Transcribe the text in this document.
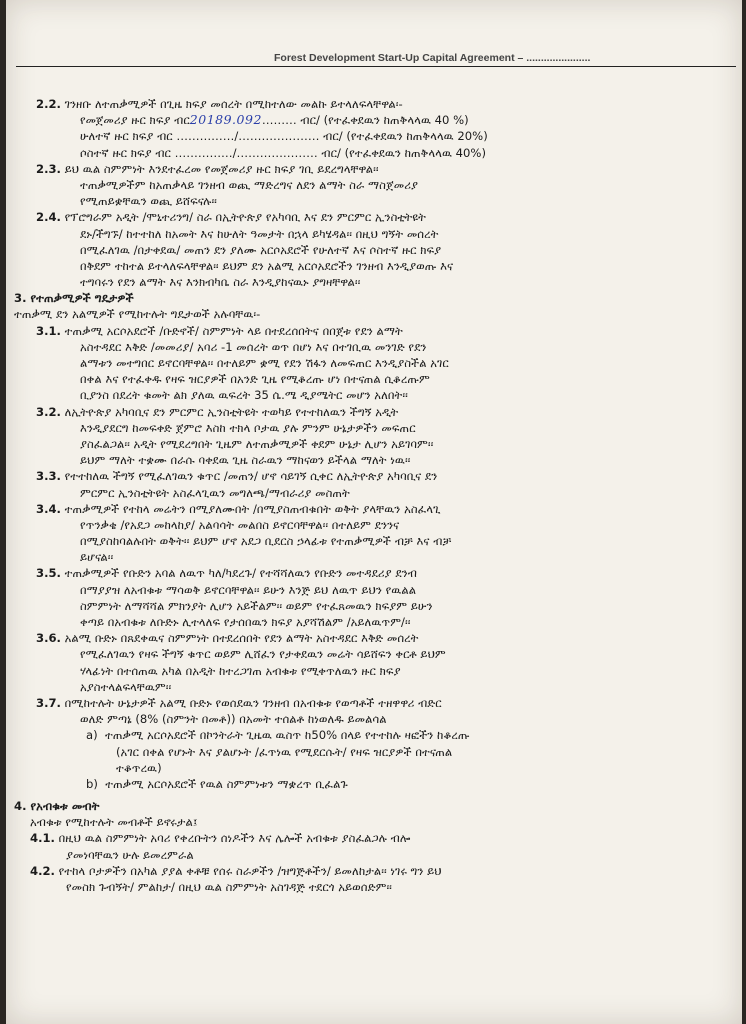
Forest Development Start-Up Capital Agreement – ......................
2.2. ገንዘቡ ለተጠቃሚዎች በጊዜ ክፍያ መሰረት በሚከተለው መልኩ ይተላለፍላቸዋል፡-
የመጀመሪያ ዙር ክፍያ ብር20189.092……… ብር/ (የተፈቀደዉን ከጠቅላላዉ 40 %)
ሁለተኛ ዙር ክፍያ ብር ……………/………………… ብር/ (የተፈቀደዉን ከጠቅላላዉ 20%)
ሶስተኛ ዙር ክፍያ ብር ……………/………………… ብር/ (የተፈቀደዉን ከጠቅላላዉ 40%)
2.3. ይህ ዉል ስምምነት እንደተፈረመ የመጀመሪያ ዙር ክፍያ ገቢ ይደረግላቸዋል፡፡
ተጠቃሚዎችም ከአጠቃላይ ገንዘብ ወጪ ማድረግና ለደን ልማት ስራ ማስጀመሪያ
የሚጠይቋቸዉን ወጪ ይሸፍናሉ፡፡
2.4. የፕሮግራም አዲት /ሞኒተሪንግ/ ስራ በኢትዮጵያ የአካባቢ እና ደን ምርምር ኢንስቲትዩት
ደኑ/ችግኙ/ ከተተከለ ከአመት እና ከሁለት ዓመታት በኋላ ይካሄዳል፡፡ በዚህ ግኝት መሰረት
በሚፈለገዉ /በታቀደዉ/ መጠን ደን ያለሙ አርሶአደሮች የሁለተኛ እና ሶስተኛ ዙር ክፍያ
በቅደም ተከተል ይተላለፍላቸዋል፡፡ ይህም ደን አልሚ አርሶአደሮችን ገንዘብ እንዲያወጡ እና
ተግባሩን የደን ልማት እና እንክብካቤ ስራ እንዲያከናዉኑ ያግዛቸዋል፡፡
3. የተጠቃሚዎች ግዴታዎች
ተጠቃሚ ደን አልሚዎች የሚከተሉት ግዴታወች አሉባቸዉ፡-
3.1. ተጠቃሚ አርሶአደሮች /ቡድኖች/ ስምምነት ላይ በተደረሰበትና በበጀቱ የደን ልማት
አስተዳደር እቅድ /መመሪያ/ አባሪ -1 መሰረት ወጥ በሆነ እና በተገቢዉ መንገድ የደን
ልማቱን መተግበር ይኖርባቸዋል፡፡ በተለይም ቋሚ የደን ሽፋን ለመፍጠር እንዲያስችል አገር
በቀል እና የተፈቀዱ የዛፍ ዝርያዎች በአንድ ጊዜ የሚቆረጡ ሆነ በተናጠል ሲቆረጡም
ቢያንስ በደረት ቁመት ልክ ያለዉ ዉፍረት 35 ሴ.ሜ ዲያሜትር መሆን አለበት፡፡
3.2. ለኢትዮጵያ አካባቢና ደን ምርምር ኢንስቲትዩት ተወካይ የተተከለዉን ችግኝ አዲት
እንዲያደርግ ከመፍቀድ ጀምሮ እስከ ተክላ ቦታዉ ያሉ ምንም ሁኔታዎችን መፍጠር
ያስፈልጋል፡፡ አዲት የሚደረግበት ጊዜም ለተጠቃሚዎች ቀደም ሁኔታ ሊሆን አይገባም፡፡
ይህም ማለት ተቋሙ በራሱ ባቀደዉ ጊዜ ስራዉን ማከናወን ይችላል ማለት ነዉ፡፡
3.3. የተተከለዉ ችግኝ የሚፈለገዉን ቁጥር /መጠን/ ሆኖ ሳይገኝ ሲቀር ለኢትዮጵያ አካባቢና ደን
ምርምር ኢንስቲትዩት አስፈላጊዉን መግለጫ/ማብራሪያ መስጠት
3.4. ተጠቃሚዎች የተከላ መሬትን በሚያለሙበት /በሚያስጠብቁበት ወቅት ያላቸዉን አስፈላጊ
የጥንቃቄ /የአደጋ መከላከያ/ አልባሳት መልበስ ይኖርባቸዋል፡፡ በተለይም ደንንና
በሚያስከባልሉበት ወቅት፡፡ ይህም ሆኖ አደጋ ቢደርስ ኃላፊቱ የተጠቃሚዎች ብቻ እና ብቻ
ይሆናል፡፡
3.5. ተጠቃሚዎች የቡድን አባል ለዉጥ ካለ/ካደረጉ/ የተሻሻለዉን የቡድን መተዳደሪያ ደንብ
በማያያዝ ለአብቁቱ ማሳወቅ ይኖርባቸዋል፡፡ ይሁን እንጅ ይህ ለዉጥ ይህን የዉልል
ስምምነት ለማሻሻል ምክንያት ሊሆን አይችልም፡፡ ወይም የተፈጸመዉን ክፍያም ይሁን
ቀጣይ በአብቁቱ ለቡድኑ ሊተላለፍ የታሰበዉን ክፍያ አያሻሽልም /አይለዉጥም/፡፡
3.6. አልሚ ቡድኑ በጸደቀዉና ስምምነት በተደረሰበት የደን ልማት አስተዳደር እቅድ መሰረት
የሚፈለገዉን የዛፍ ችግኝ ቁጥር ወይም ሊሸፈን የታቀደዉን መሬት ሳይሸፍን ቀርቶ ይህም
ሃላፊነት በተሰጠዉ አካል በአዲት ከተረጋገጠ አብቁቱ የሚቀጥለዉን ዙር ክፍያ
አያስተላልፍላቸዉም፡፡
3.7. በሚከተሉት ሁኔታዎች አልሚ ቡድኑ የወሰደዉን ገንዘብ በአብቁቱ የወጣቶች ተዘዋዋሪ ብድር
ወለድ ምጣኔ (8% (ስምንት በመቶ)) በአመት ተሰልቶ ከነወለዱ ይመልሳል
a) ተጠቃሚ አርሶአደሮች በኮንትራት ጊዜዉ ዉስጥ ከ50% በላይ የተተከሉ ዛፎችን ከቆረጡ
(አገር በቀል የሆኑት እና ያልሆኑት /ፈጥነዉ የሚደርሱት/ የዛፍ ዝርያዎች በተናጠል
ተቆጥረዉ)
b) ተጠቃሚ አርሶአደሮች የዉል ስምምነቱን ማቋረጥ ቢፈልጉ
4. የአብቁቱ መብት
አብቁቱ የሚከተሉት መብቶች ይኖሩታል፤
4.1. በዚህ ዉል ስምምነት አባሪ የቀረቡትን ሰነዶችን እና ሌሎች አብቁቱ ያስፈልጋሉ ብሎ
ያመነባቸዉን ሁሉ ይመረምራል
4.2. የተከላ ቦታዎችን በአካል ያያል ቀቶቹ የሰሩ ስራዎችን /ዝግጅቶችን/ ይመለከታል፡፡ ነገሩ ግን ይህ
የመስክ ጉብኝት/ ምልከታ/ በዚህ ዉል ስምምነት አስገዳጅ ተደርጎ አይወሰድም፡፡
